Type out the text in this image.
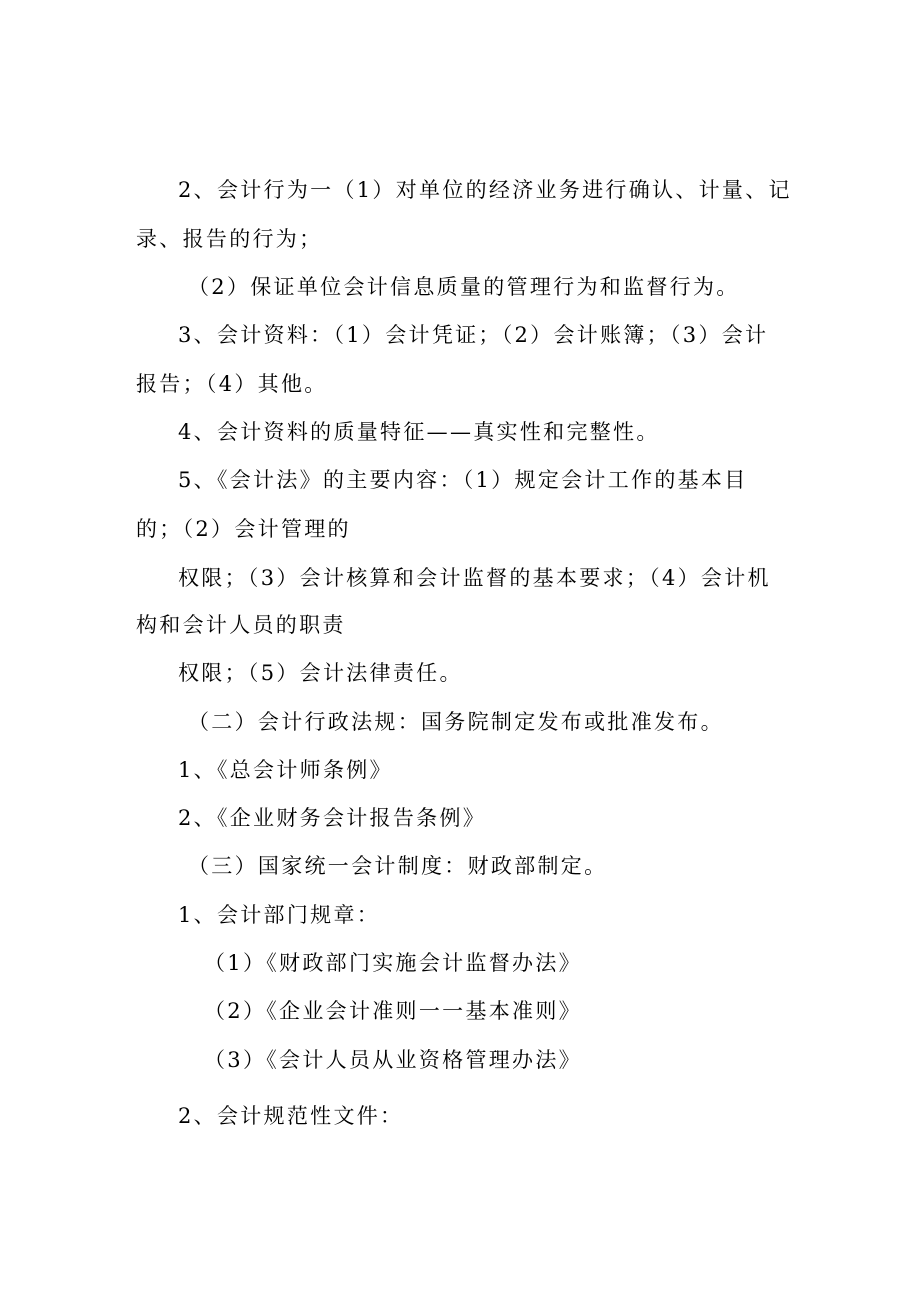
2、会计行为一（1）对单位的经济业务进行确认、计量、记
录、报告的行为；
（2）保证单位会计信息质量的管理行为和监督行为。
3、会计资料：（1）会计凭证；（2）会计账簿；（3）会计
报告；（4）其他。
4、会计资料的质量特征——真实性和完整性。
5、《会计法》的主要内容：（1）规定会计工作的基本目
的；（2）会计管理的
权限；（3）会计核算和会计监督的基本要求；（4）会计机
构和会计人员的职责
权限；（5）会计法律责任。
（二）会计行政法规：国务院制定发布或批准发布。
1、《总会计师条例》
2、《企业财务会计报告条例》
（三）国家统一会计制度：财政部制定。
1、会计部门规章：
（1）《财政部门实施会计监督办法》
（2）《企业会计准则一一基本准则》
（3）《会计人员从业资格管理办法》
2、会计规范性文件：
